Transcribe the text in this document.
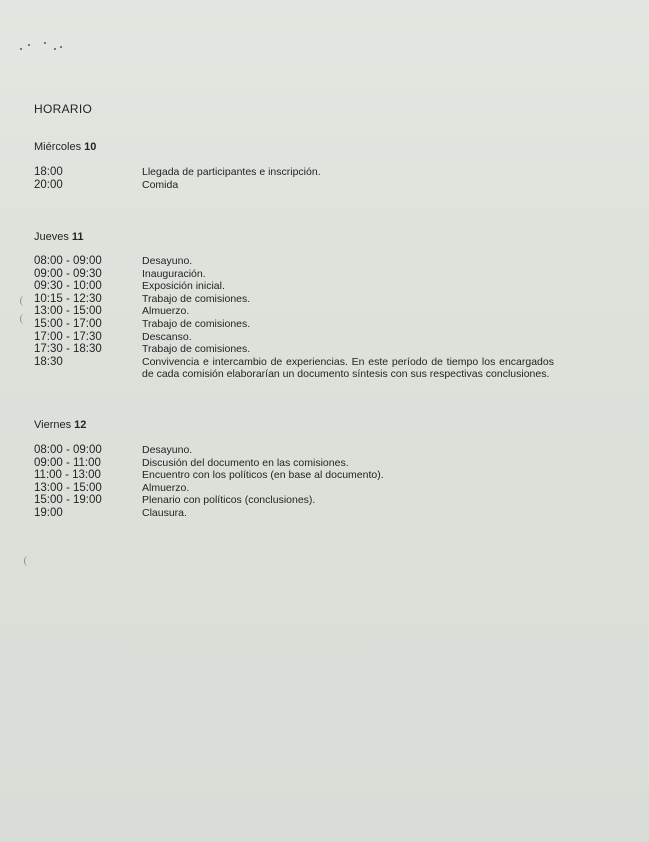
HORARIO
Miércoles 10
18:00	Llegada de participantes e inscripción.
20:00	Comida
Jueves 11
08:00 - 09:00	Desayuno.
09:00 - 09:30	Inauguración.
09:30 - 10:00	Exposición inicial.
10:15 - 12:30	Trabajo de comisiones.
13:00 - 15:00	Almuerzo.
15:00 - 17:00	Trabajo de comisiones.
17:00 - 17:30	Descanso.
17:30 - 18:30	Trabajo de comisiones.
18:30	Convivencia e intercambio de experiencias. En este período de tiempo los encargados de cada comisión elaborarían un documento síntesis con sus respectivas conclusiones.
Viernes 12
08:00 - 09:00	Desayuno.
09:00 - 11:00	Discusión del documento en las comisiones.
11:00 - 13:00	Encuentro con los políticos (en base al documento).
13:00 - 15:00	Almuerzo.
15:00 - 19:00	Plenario con políticos (conclusiones).
19:00	Clausura.
